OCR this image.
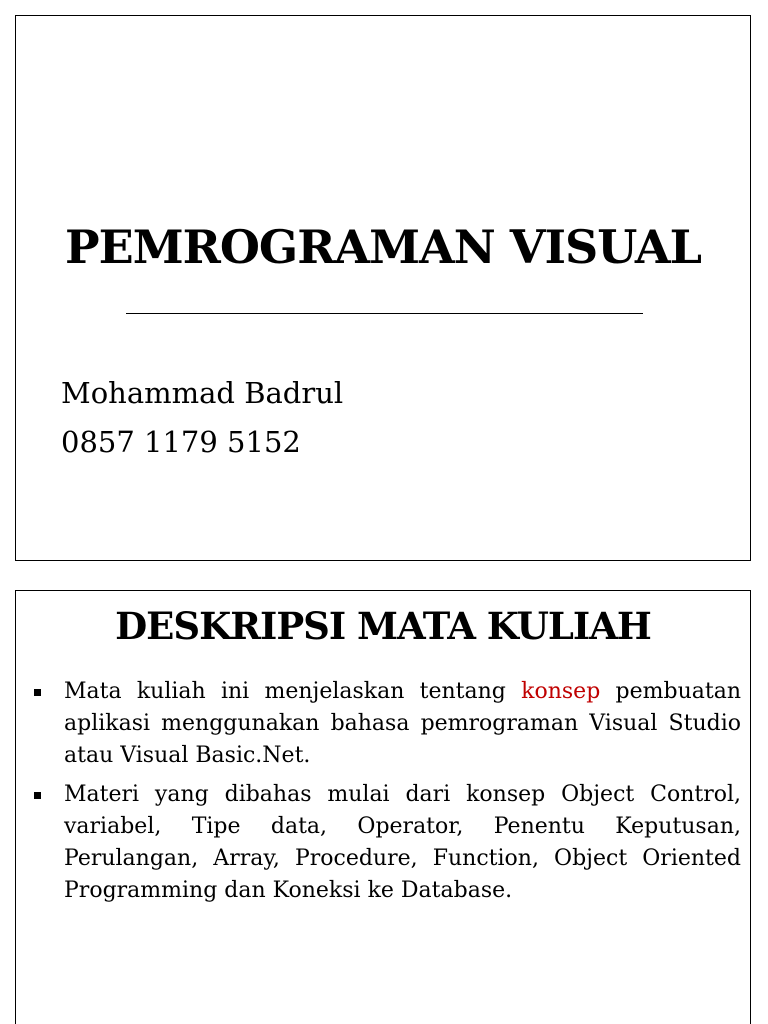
PEMROGRAMAN VISUAL
Mohammad Badrul
0857 1179 5152
DESKRIPSI MATA KULIAH
Mata kuliah ini menjelaskan tentang konsep pembuatan aplikasi menggunakan bahasa pemrograman Visual Studio atau Visual Basic.Net.
Materi yang dibahas mulai dari konsep Object Control, variabel, Tipe data, Operator, Penentu Keputusan, Perulangan, Array, Procedure, Function, Object Oriented Programming dan Koneksi ke Database.
